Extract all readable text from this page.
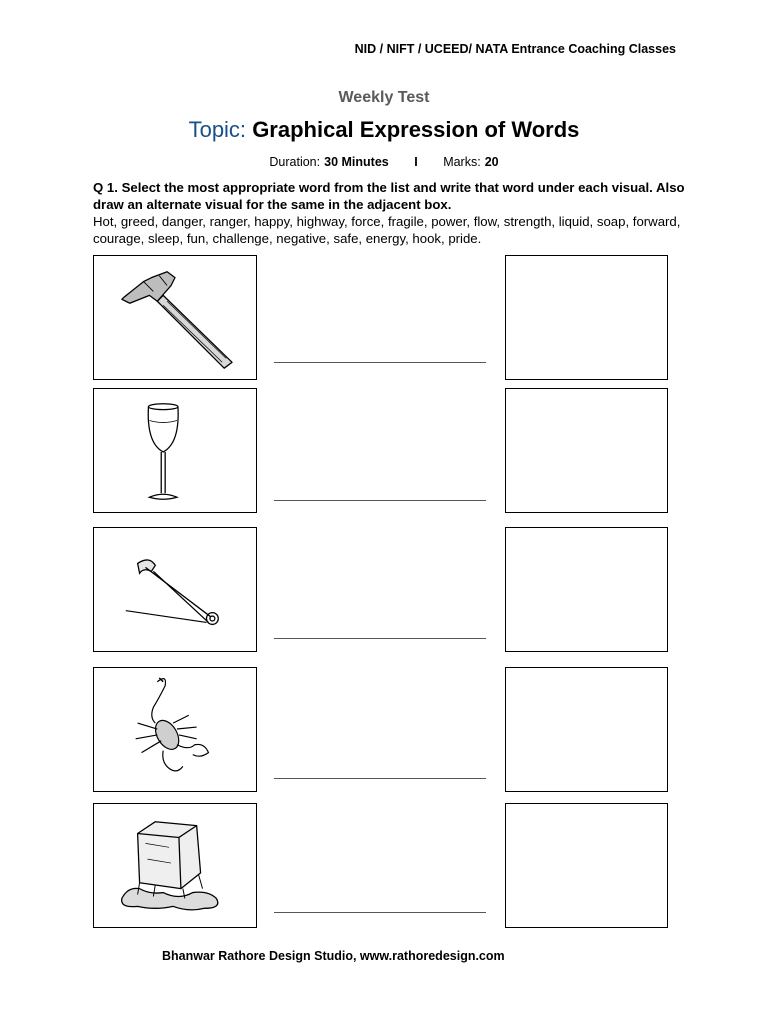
NID / NIFT / UCEED/ NATA Entrance Coaching Classes
Weekly Test
Topic: Graphical Expression of Words
Duration: 30 Minutes I Marks: 20
Q 1. Select the most appropriate word from the list and write that word under each visual. Also draw an alternate visual for the same in the adjacent box.
Hot, greed, danger, ranger, happy, highway, force, fragile, power, flow, strength, liquid, soap, forward, courage, sleep, fun, challenge, negative, safe, energy, hook, pride.
Bhanwar Rathore Design Studio, www.rathoredesign.com
